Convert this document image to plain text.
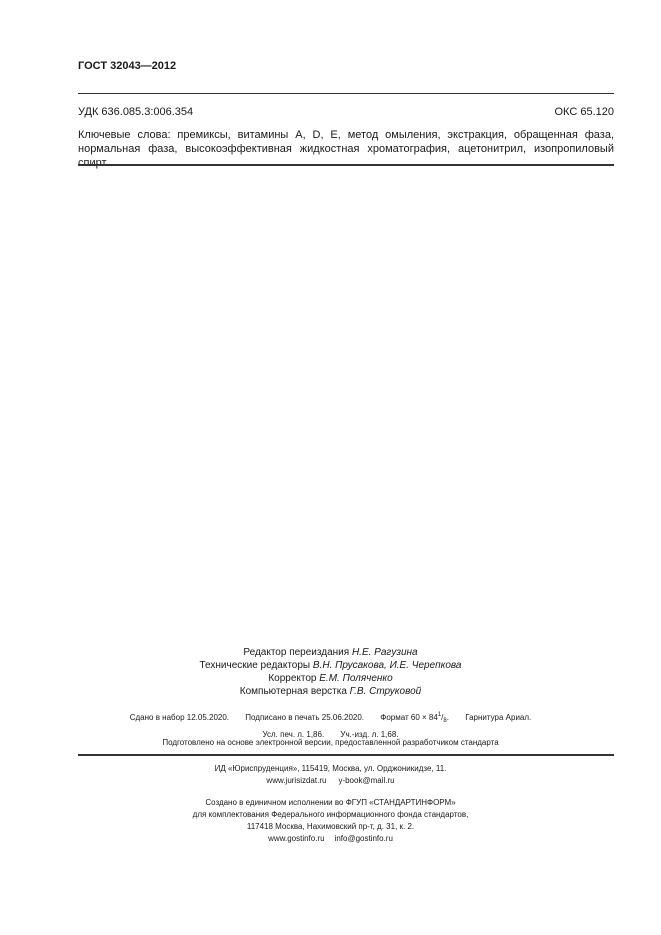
ГОСТ 32043—2012
УДК 636.085.3:006.354	ОКС 65.120
Ключевые слова: премиксы, витамины A, D, E, метод омыления, экстракция, обращенная фаза, нормальная фаза, высокоэффективная жидкостная хроматография, ацетонитрил, изопропиловый спирт
Редактор переиздания Н.Е. Рагузина
Технические редакторы В.Н. Прусакова, И.Е. Черепкова
Корректор Е.М. Поляченко
Компьютерная верстка Г.В. Струковой
Сдано в набор 12.05.2020. Подписано в печать 25.06.2020. Формат $60 \times 84^1/_8$. Гарнитура Ариал.
Усл. печ. л. 1,86. Уч.-изд. л. 1,68.
Подготовлено на основе электронной версии, предоставленной разработчиком стандарта
ИД «Юриспруденция», 115419, Москва, ул. Орджоникидзе, 11.
www.jurisizdat.ru y-book@mail.ru
Создано в единичном исполнении во ФГУП «СТАНДАРТИНФОРМ»
для комплектования Федерального информационного фонда стандартов,
117418 Москва, Нахимовский пр-т, д. 31, к. 2.
www.gostinfo.ru info@gostinfo.ru
